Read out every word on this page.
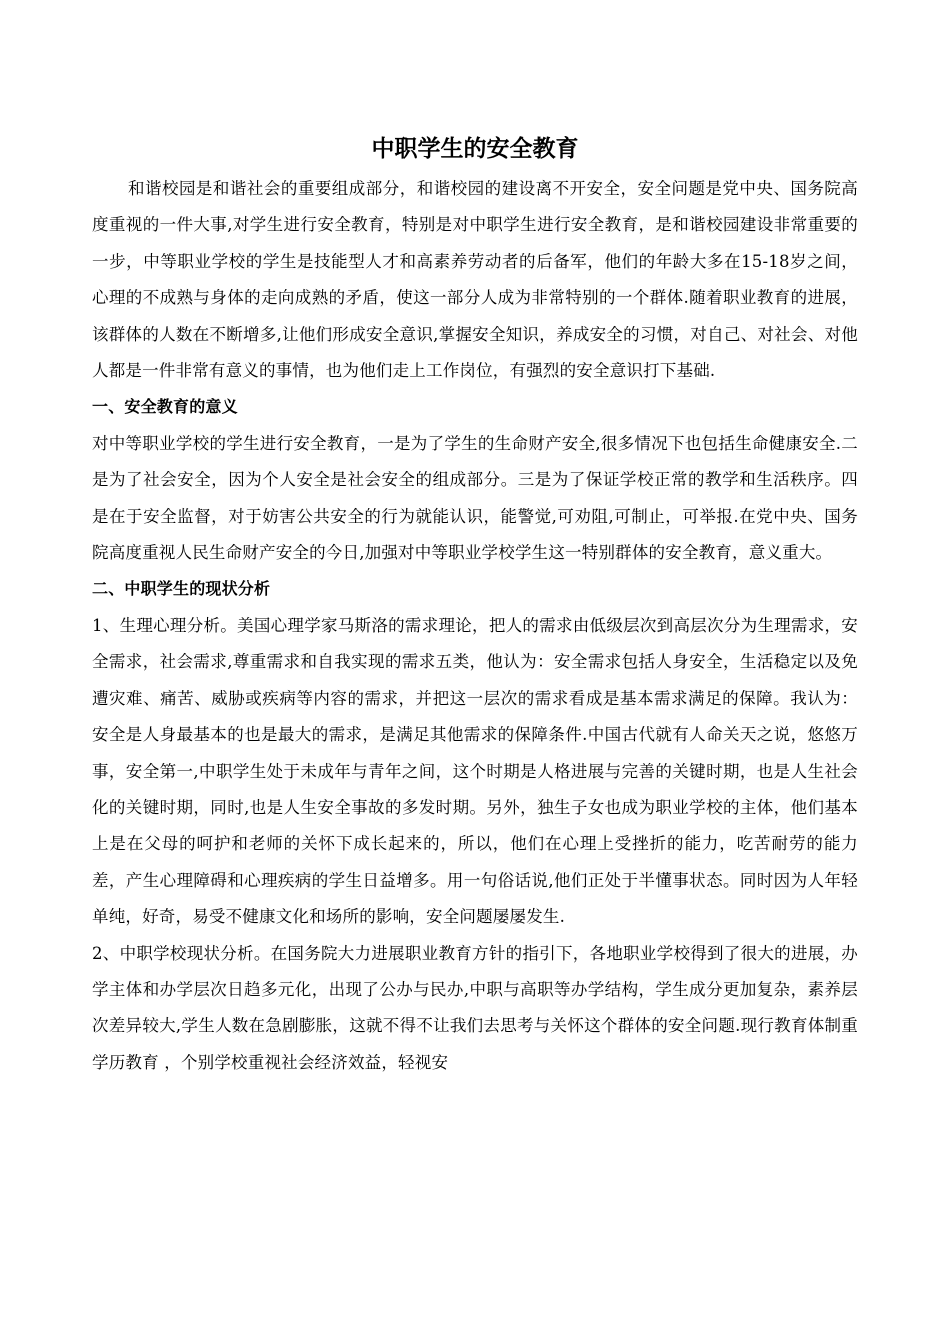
中职学生的安全教育

和谐校园是和谐社会的重要组成部分，和谐校园的建设离不开安全，安全问题是党中央、国务院高度重视的一件大事,对学生进行安全教育，特别是对中职学生进行安全教育，是和谐校园建设非常重要的一步，中等职业学校的学生是技能型人才和高素养劳动者的后备军，他们的年龄大多在15-18岁之间，心理的不成熟与身体的走向成熟的矛盾，使这一部分人成为非常特别的一个群体.随着职业教育的进展，该群体的人数在不断增多,让他们形成安全意识,掌握安全知识，养成安全的习惯，对自己、对社会、对他人都是一件非常有意义的事情，也为他们走上工作岗位，有强烈的安全意识打下基础.

一、安全教育的意义

对中等职业学校的学生进行安全教育，一是为了学生的生命财产安全,很多情况下也包括生命健康安全.二是为了社会安全，因为个人安全是社会安全的组成部分。三是为了保证学校正常的教学和生活秩序。四是在于安全监督，对于妨害公共安全的行为就能认识，能警觉,可劝阻,可制止，可举报.在党中央、国务院高度重视人民生命财产安全的今日,加强对中等职业学校学生这一特别群体的安全教育，意义重大。

二、中职学生的现状分析

1、生理心理分析。美国心理学家马斯洛的需求理论，把人的需求由低级层次到高层次分为生理需求，安全需求，社会需求,尊重需求和自我实现的需求五类，他认为：安全需求包括人身安全，生活稳定以及免遭灾难、痛苦、威胁或疾病等内容的需求，并把这一层次的需求看成是基本需求满足的保障。我认为：安全是人身最基本的也是最大的需求，是满足其他需求的保障条件.中国古代就有人命关天之说，悠悠万事，安全第一,中职学生处于未成年与青年之间，这个时期是人格进展与完善的关键时期，也是人生社会化的关键时期，同时,也是人生安全事故的多发时期。另外，独生子女也成为职业学校的主体，他们基本上是在父母的呵护和老师的关怀下成长起来的，所以，他们在心理上受挫折的能力，吃苦耐劳的能力差，产生心理障碍和心理疾病的学生日益增多。用一句俗话说,他们正处于半懂事状态。同时因为人年轻单纯，好奇，易受不健康文化和场所的影响，安全问题屡屡发生.

2、中职学校现状分析。在国务院大力进展职业教育方针的指引下，各地职业学校得到了很大的进展，办学主体和办学层次日趋多元化，出现了公办与民办,中职与高职等办学结构，学生成分更加复杂，素养层次差异较大,学生人数在急剧膨胀，这就不得不让我们去思考与关怀这个群体的安全问题.现行教育体制重学历教育 ，个别学校重视社会经济效益，轻视安
